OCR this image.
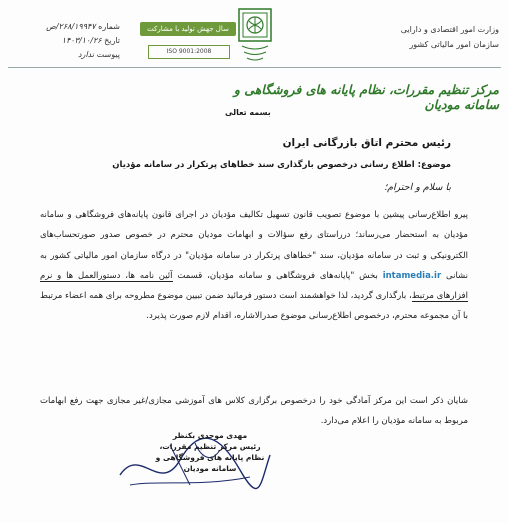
شماره ۲۶۸/۱۹۹۴۷/ص
تاریخ ۱۴۰۳/۱۰/۲۶
پیوست ندارد
سال جهش تولید با مشارکت مردم
ISO 9001:2008
وزارت امور اقتصادی و دارایی
سازمان امور مالیاتی کشور
مرکز تنظیم مقررات، نظام پایانه های فروشگاهی و سامانه مودیان
بسمه تعالی
رئیس محترم اتاق بازرگانی ایران
موضوع: اطلاع رسانی درخصوص بارگذاری سند خطاهای پرتکرار در سامانه مؤدیان
با سلام و احترام؛

پیرو اطلاع‌رسانی پیشین با موضوع تصویب قانون تسهیل تکالیف مؤدیان در اجرای قانون پایانه‌های فروشگاهی و سامانه مؤدیان به استحضار می‌رساند؛ درراستای رفع سؤالات و ابهامات مودیان محترم در خصوص صدور صورتحساب‌های الکترونیکی و ثبت در سامانه مؤدیان، سند "خطاهای پرتکرار در سامانه مؤدیان" در درگاه سازمان امور مالیاتی کشور به نشانی intamedia.ir بخش "پایانه‌های فروشگاهی و سامانه مؤدیان، قسمت آئین نامه ها، دستورالعمل ها و نرم افزارهای مرتبط، بارگذاری گردید، لذا خواهشمند است دستور فرمائید ضمن تبیین موضوع مطروحه برای همه اعضاء مرتبط با آن مجموعه محترم، درخصوص اطلاع‌رسانی موضوع صدرالاشاره، اقدام لازم صورت پذیرد.

شایان ذکر است این مرکز آمادگی خود را درخصوص برگزاری کلاس های آموزشی مجازی/غیر مجازی جهت رفع ابهامات مربوط به سامانه مؤدیان را اعلام می‌دارد.

مهدی موحدی بکنظر
رئیس مرکز تنظیم مقررات،
نظام پایانه های فروشگاهی و سامانه مودیان
